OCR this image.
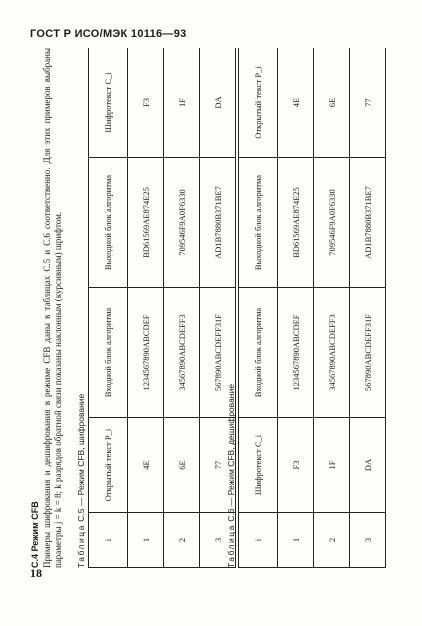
ГОСТ Р ИСО/МЭК 10116—93
С.4 Режим CFB Примеры шифрования и дешифрования в режиме CFB даны в таблицах С.5 и С.6 соответственно. Для этих примеров выбраны параметры j = k = 8; k разрядов обратной связи показаны наклонным (курсивным) шрифтом. Таблица С.5 — Режим CFB, шифрование
i	Открытый текст P_i	Входной блок алгоритма	Выходной блок алгоритма	Шифротекст C_i
1	4E	1234567890ABCDEF	BD61569AE874E25	F3
2	6E	34567890ABCDEFF3	709546F9A0F6330	1F
3	77	567890ABCDEFF31F	AD1B7880B371BE7	DA
Таблица С.6 — Режим CFB, дешифрование
i	Шифротекст C_i	Входной блок алгоритма	Выходной блок алгоритма	Открытый текст P_i
1	F3	1234567890ABCDEF	BD61569AE874E25	4E
2	1F	34567890ABCDEFF3	709546F9A0F6330	6E
3	DA	567890ABCDEFF31F	AD1B7880B371BE7	77
18
